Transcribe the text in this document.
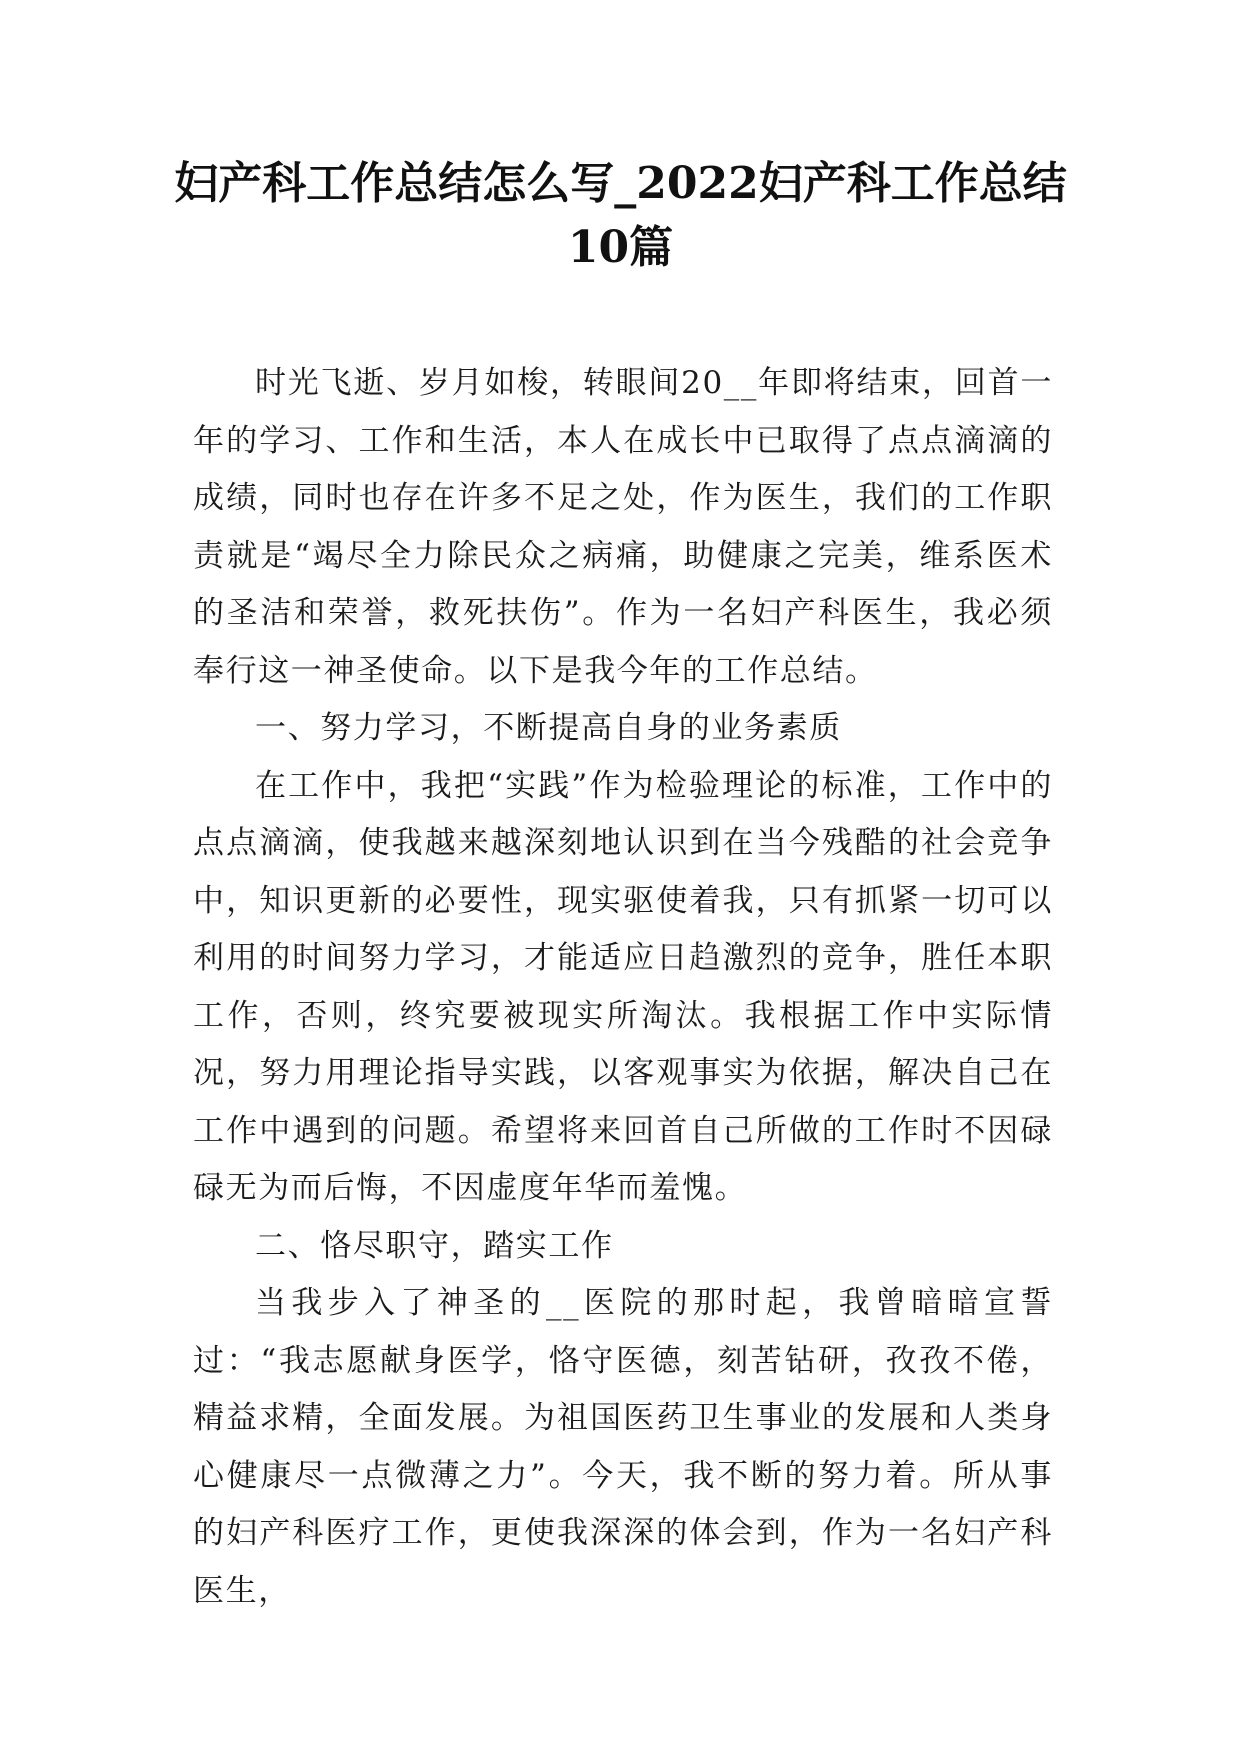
妇产科工作总结怎么写_2022妇产科工作总结10篇

时光飞逝、岁月如梭，转眼间20__年即将结束，回首一年的学习、工作和生活，本人在成长中已取得了点点滴滴的成绩，同时也存在许多不足之处，作为医生，我们的工作职责就是“竭尽全力除民众之病痛，助健康之完美，维系医术的圣洁和荣誉，救死扶伤”。作为一名妇产科医生，我必须奉行这一神圣使命。以下是我今年的工作总结。

一、努力学习，不断提高自身的业务素质

在工作中，我把“实践”作为检验理论的标准，工作中的点点滴滴，使我越来越深刻地认识到在当今残酷的社会竞争中，知识更新的必要性，现实驱使着我，只有抓紧一切可以利用的时间努力学习，才能适应日趋激烈的竞争，胜任本职工作，否则，终究要被现实所淘汰。我根据工作中实际情况，努力用理论指导实践，以客观事实为依据，解决自己在工作中遇到的问题。希望将来回首自己所做的工作时不因碌碌无为而后悔，不因虚度年华而羞愧。

二、恪尽职守，踏实工作

当我步入了神圣的__医院的那时起，我曾暗暗宣誓过：“我志愿献身医学，恪守医德，刻苦钻研，孜孜不倦，精益求精，全面发展。为祖国医药卫生事业的发展和人类身心健康尽一点微薄之力”。今天，我不断的努力着。所从事的妇产科医疗工作，更使我深深的体会到，作为一名妇产科医生，
